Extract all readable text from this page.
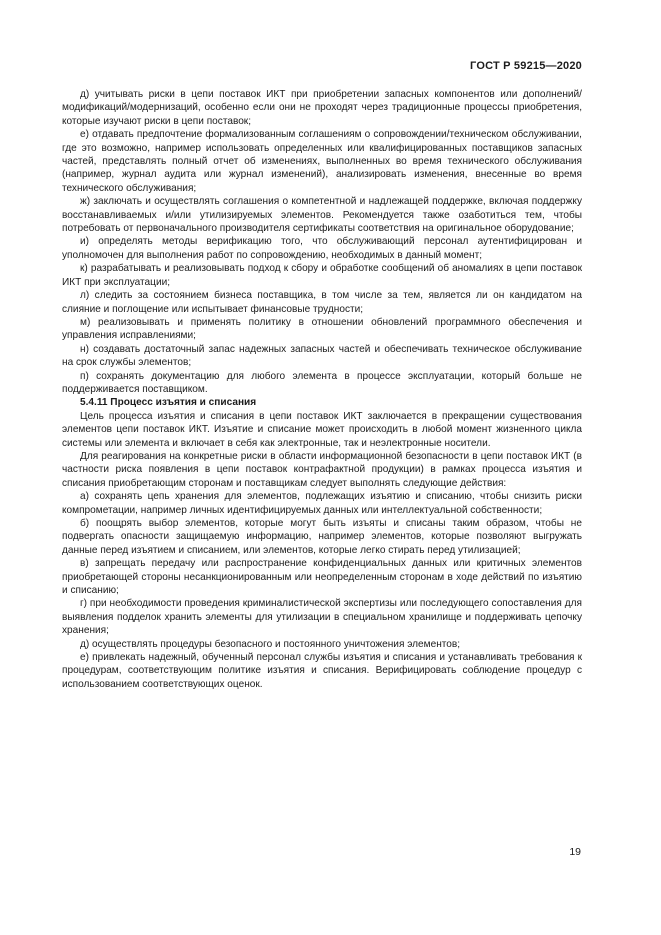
ГОСТ Р 59215—2020

д) учитывать риски в цепи поставок ИКТ при приобретении запасных компонентов или дополнений/модификаций/модернизаций, особенно если они не проходят через традиционные процессы приобретения, которые изучают риски в цепи поставок;

е) отдавать предпочтение формализованным соглашениям о сопровождении/техническом обслуживании, где это возможно, например использовать определенных или квалифицированных поставщиков запасных частей, представлять полный отчет об изменениях, выполненных во время технического обслуживания (например, журнал аудита или журнал изменений), анализировать изменения, внесенные во время технического обслуживания;

ж) заключать и осуществлять соглашения о компетентной и надлежащей поддержке, включая поддержку восстанавливаемых и/или утилизируемых элементов. Рекомендуется также озаботиться тем, чтобы потребовать от первоначального производителя сертификаты соответствия на оригинальное оборудование;

и) определять методы верификацию того, что обслуживающий персонал аутентифицирован и уполномочен для выполнения работ по сопровождению, необходимых в данный момент;

к) разрабатывать и реализовывать подход к сбору и обработке сообщений об аномалиях в цепи поставок ИКТ при эксплуатации;

л) следить за состоянием бизнеса поставщика, в том числе за тем, является ли он кандидатом на слияние и поглощение или испытывает финансовые трудности;

м) реализовывать и применять политику в отношении обновлений программного обеспечения и управления исправлениями;

н) создавать достаточный запас надежных запасных частей и обеспечивать техническое обслуживание на срок службы элементов;

п) сохранять документацию для любого элемента в процессе эксплуатации, который больше не поддерживается поставщиком.

5.4.11 Процесс изъятия и списания

Цель процесса изъятия и списания в цепи поставок ИКТ заключается в прекращении существования элементов цепи поставок ИКТ. Изъятие и списание может происходить в любой момент жизненного цикла системы или элемента и включает в себя как электронные, так и неэлектронные носители.

Для реагирования на конкретные риски в области информационной безопасности в цепи поставок ИКТ (в частности риска появления в цепи поставок контрафактной продукции) в рамках процесса изъятия и списания приобретающим сторонам и поставщикам следует выполнять следующие действия:

а) сохранять цепь хранения для элементов, подлежащих изъятию и списанию, чтобы снизить риски компрометации, например личных идентифицируемых данных или интеллектуальной собственности;

б) поощрять выбор элементов, которые могут быть изъяты и списаны таким образом, чтобы не подвергать опасности защищаемую информацию, например элементов, которые позволяют выгружать данные перед изъятием и списанием, или элементов, которые легко стирать перед утилизацией;

в) запрещать передачу или распространение конфиденциальных данных или критичных элементов приобретающей стороны несанкционированным или неопределенным сторонам в ходе действий по изъятию и списанию;

г) при необходимости проведения криминалистической экспертизы или последующего сопоставления для выявления подделок хранить элементы для утилизации в специальном хранилище и поддерживать цепочку хранения;

д) осуществлять процедуры безопасного и постоянного уничтожения элементов;

е) привлекать надежный, обученный персонал службы изъятия и списания и устанавливать требования к процедурам, соответствующим политике изъятия и списания. Верифицировать соблюдение процедур с использованием соответствующих оценок.

19
